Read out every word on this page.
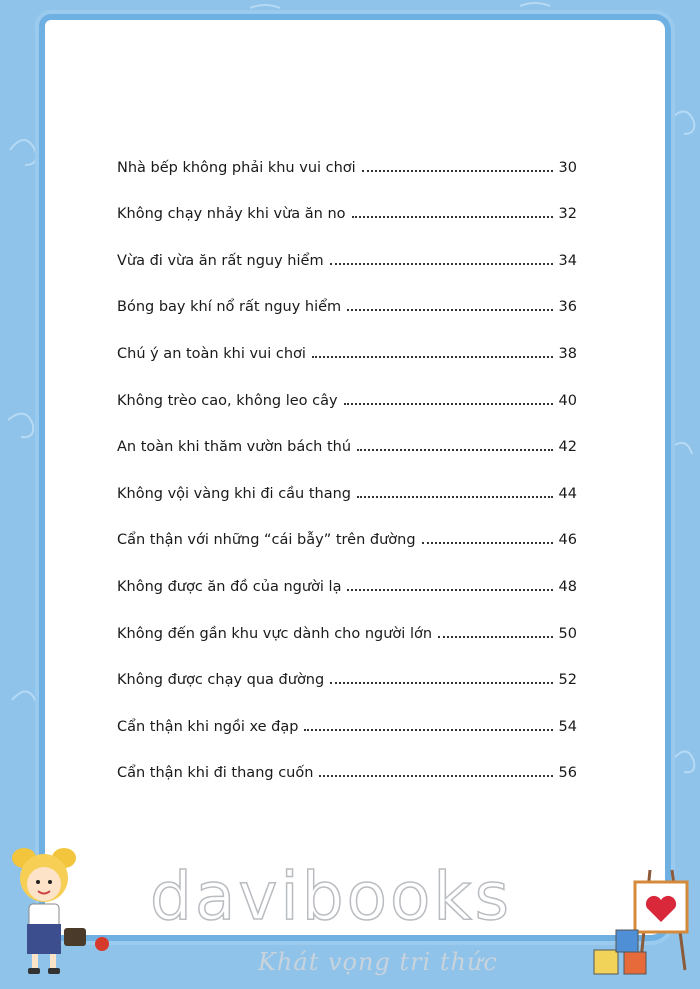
Nhà bếp không phải khu vui chơi	30
Không chạy nhảy khi vừa ăn no	32
Vừa đi vừa ăn rất nguy hiểm	34
Bóng bay khí nổ rất nguy hiểm	36
Chú ý an toàn khi vui chơi	38
Không trèo cao, không leo cây	40
An toàn khi thăm vườn bách thú	42
Không vội vàng khi đi cầu thang	44
Cẩn thận với những “cái bẫy” trên đường	46
Không được ăn đồ của người lạ	48
Không đến gần khu vực dành cho người lớn	50
Không được chạy qua đường	52
Cẩn thận khi ngồi xe đạp	54
Cẩn thận khi đi thang cuốn	56
davibooks
Khát vọng tri thức
